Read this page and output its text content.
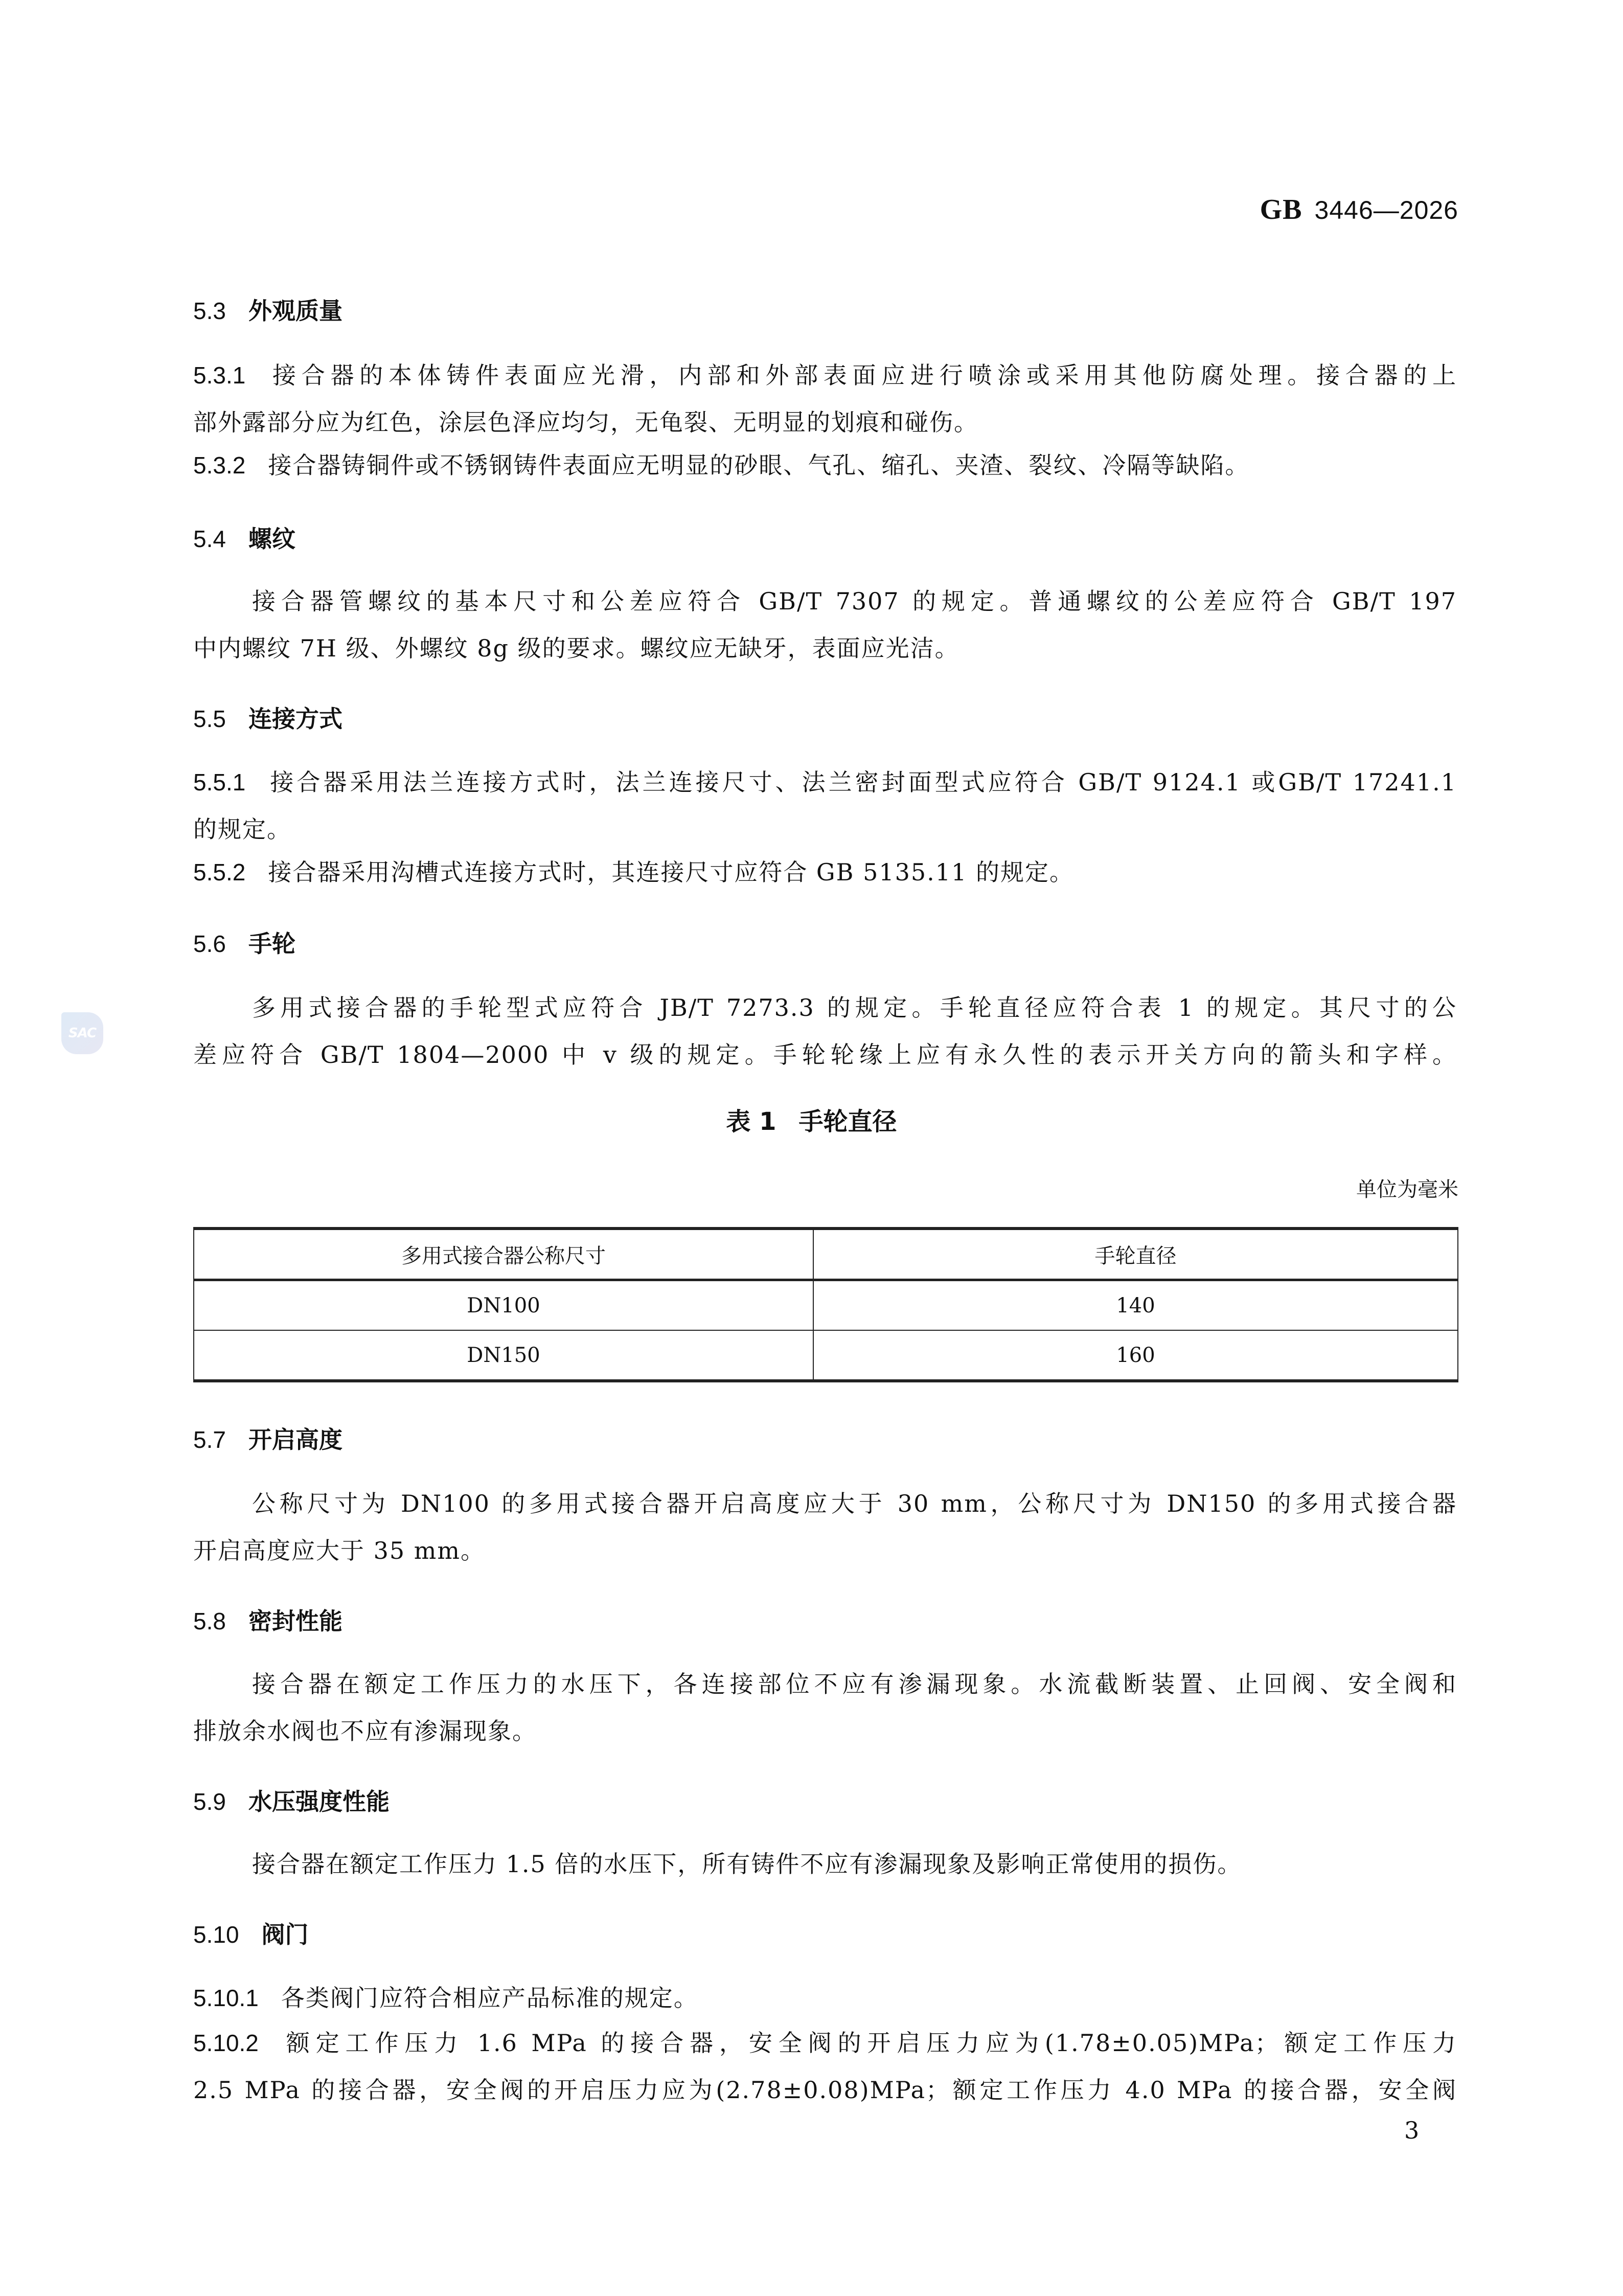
GB 3446—2026
5.3 外观质量
5.3.1 接合器的本体铸件表面应光滑，内部和外部表面应进行喷涂或采用其他防腐处理。接合器的上
部外露部分应为红色，涂层色泽应均匀，无龟裂、无明显的划痕和碰伤。
5.3.2 接合器铸铜件或不锈钢铸件表面应无明显的砂眼、气孔、缩孔、夹渣、裂纹、冷隔等缺陷。
5.4 螺纹
接合器管螺纹的基本尺寸和公差应符合 GB/T 7307 的规定。普通螺纹的公差应符合 GB/T 197
中内螺纹 7H 级、外螺纹 8g 级的要求。螺纹应无缺牙，表面应光洁。
5.5 连接方式
5.5.1 接合器采用法兰连接方式时，法兰连接尺寸、法兰密封面型式应符合 GB/T 9124.1 或GB/T 17241.1
的规定。
5.5.2 接合器采用沟槽式连接方式时，其连接尺寸应符合 GB 5135.11 的规定。
5.6 手轮
多用式接合器的手轮型式应符合 JB/T 7273.3 的规定。手轮直径应符合表 1 的规定。其尺寸的公
差应符合 GB/T 1804—2000 中 v 级的规定。手轮轮缘上应有永久性的表示开关方向的箭头和字样。
表 1 手轮直径
单位为毫米
多用式接合器公称尺寸	手轮直径
DN100	140
DN150	160
5.7 开启高度
公称尺寸为 DN100 的多用式接合器开启高度应大于 30 mm，公称尺寸为 DN150 的多用式接合器
开启高度应大于 35 mm。
5.8 密封性能
接合器在额定工作压力的水压下，各连接部位不应有渗漏现象。水流截断装置、止回阀、安全阀和
排放余水阀也不应有渗漏现象。
5.9 水压强度性能
接合器在额定工作压力 1.5 倍的水压下，所有铸件不应有渗漏现象及影响正常使用的损伤。
5.10 阀门
5.10.1 各类阀门应符合相应产品标准的规定。
5.10.2 额定工作压力 1.6 MPa 的接合器，安全阀的开启压力应为(1.78±0.05)MPa；额定工作压力
2.5 MPa 的接合器，安全阀的开启压力应为(2.78±0.08)MPa；额定工作压力 4.0 MPa 的接合器，安全阀
SAC
3
